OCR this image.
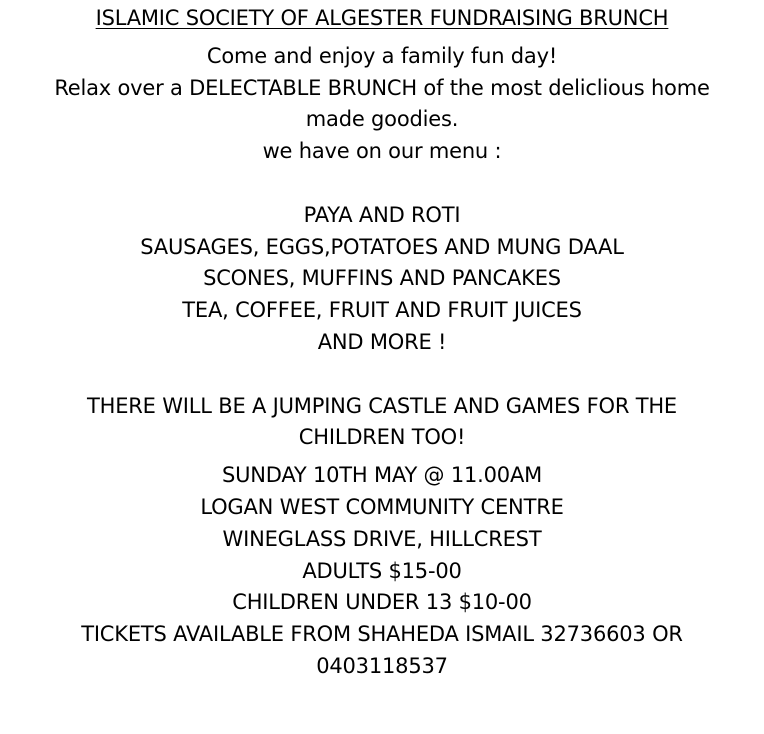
ISLAMIC SOCIETY OF ALGESTER FUNDRAISING BRUNCH
Come and enjoy a family fun day!
Relax over a DELECTABLE BRUNCH of the most deliclious home
made goodies.
we have on our menu :
PAYA AND ROTI
SAUSAGES, EGGS,POTATOES AND MUNG DAAL
SCONES, MUFFINS AND PANCAKES
TEA, COFFEE, FRUIT AND FRUIT JUICES
AND MORE !
THERE WILL BE A JUMPING CASTLE AND GAMES FOR THE
CHILDREN TOO!
SUNDAY 10TH MAY @ 11.00AM
LOGAN WEST COMMUNITY CENTRE
WINEGLASS DRIVE, HILLCREST
ADULTS $15-00
CHILDREN UNDER 13 $10-00
TICKETS AVAILABLE FROM SHAHEDA ISMAIL 32736603 OR
0403118537
